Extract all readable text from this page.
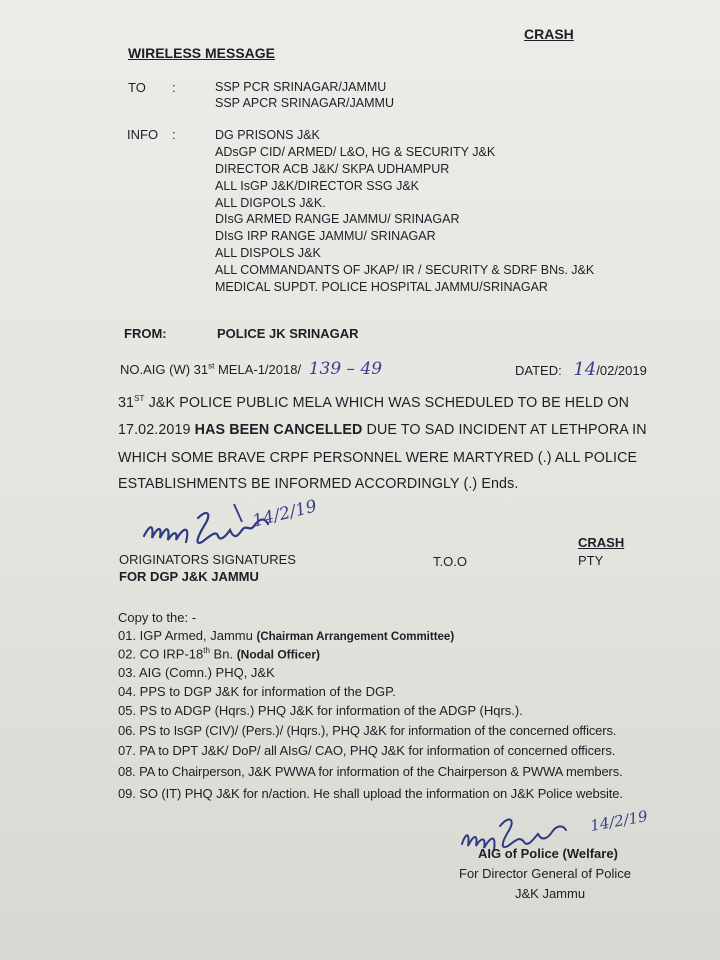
CRASH
WIRELESS MESSAGE
TO :	SSP PCR SRINAGAR/JAMMU
SSP APCR SRINAGAR/JAMMU
INFO :	DG PRISONS J&K
ADsGP CID/ ARMED/ L&O, HG & SECURITY J&K
DIRECTOR ACB J&K/ SKPA UDHAMPUR
ALL IsGP J&K/DIRECTOR SSG J&K
ALL DIGPOLS J&K.
DIsG ARMED RANGE JAMMU/ SRINAGAR
DIsG IRP RANGE JAMMU/ SRINAGAR
ALL DISPOLS J&K
ALL COMMANDANTS OF JKAP/ IR / SECURITY & SDRF BNs. J&K
MEDICAL SUPDT. POLICE HOSPITAL JAMMU/SRINAGAR
FROM:	POLICE JK SRINAGAR
NO.AIG (W) 31st MELA-1/2018/ 139 – 49	DATED: 14/02/2019
31ST J&K POLICE PUBLIC MELA WHICH WAS SCHEDULED TO BE HELD ON
17.02.2019 HAS BEEN CANCELLED DUE TO SAD INCIDENT AT LETHPORA IN
WHICH SOME BRAVE CRPF PERSONNEL WERE MARTYRED (.) ALL POLICE
ESTABLISHMENTS BE INFORMED ACCORDINGLY (.) Ends.
14/2/19
ORIGINATORS SIGNATURES
FOR DGP J&K JAMMU
T.O.O
CRASH
PTY
Copy to the: -
01. IGP Armed, Jammu (Chairman Arrangement Committee)
02. CO IRP-18th Bn. (Nodal Officer)
03. AIG (Comn.) PHQ, J&K
04. PPS to DGP J&K for information of the DGP.
05. PS to ADGP (Hqrs.) PHQ J&K for information of the ADGP (Hqrs.).
06. PS to IsGP (CIV)/ (Pers.)/ (Hqrs.), PHQ J&K for information of the concerned officers.
07. PA to DPT J&K/ DoP/ all AIsG/ CAO, PHQ J&K for information of concerned officers.
08. PA to Chairperson, J&K PWWA for information of the Chairperson & PWWA members.
09. SO (IT) PHQ J&K for n/action. He shall upload the information on J&K Police website.
14/2/19
AIG of Police (Welfare)
For Director General of Police
J&K Jammu
